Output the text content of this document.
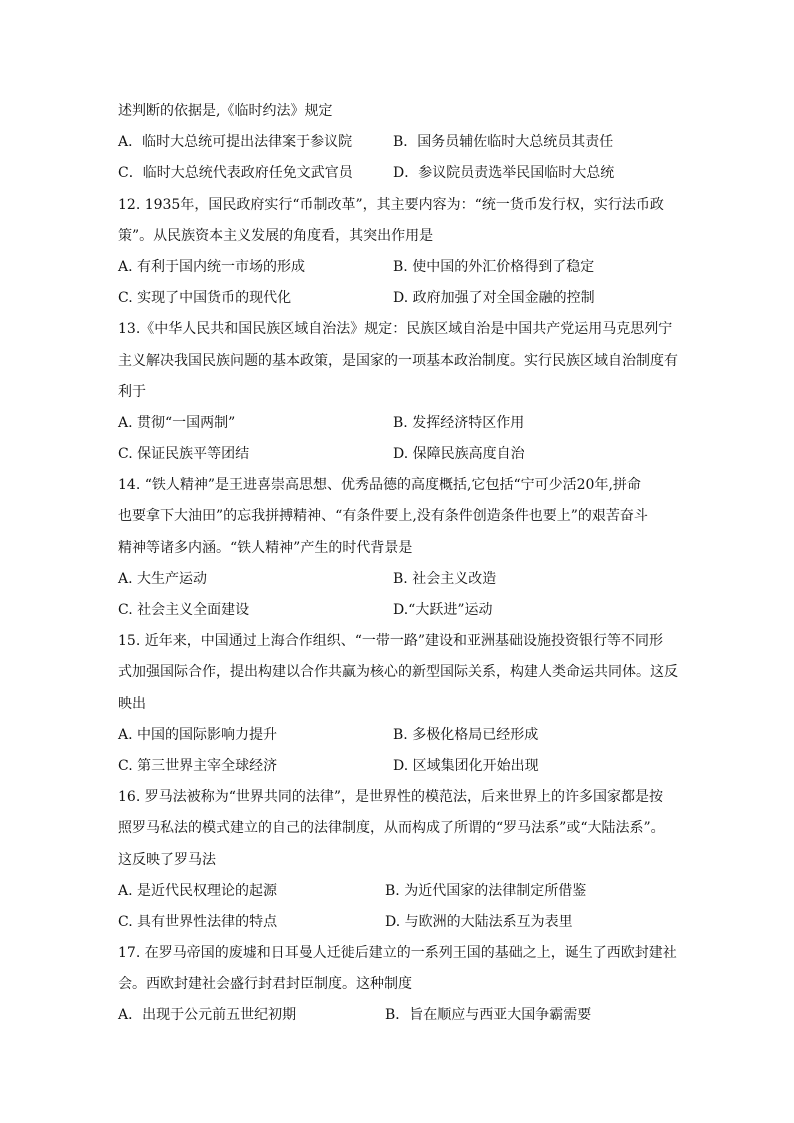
述判断的依据是,《临时约法》规定
A．临时大总统可提出法律案于参议院	B．国务员辅佐临时大总统员其责任
C．临时大总统代表政府任免文武官员	D．参议院员责选举民国临时大总统
12. 1935年，国民政府实行“币制改革”，其主要内容为：“统一货币发行权，实行法币政
策”。从民族资本主义发展的角度看，其突出作用是
A. 有利于国内统一市场的形成	B. 使中国的外汇价格得到了稳定
C. 实现了中国货币的现代化	D. 政府加强了对全国金融的控制
13.《中华人民共和国民族区域自治法》规定：民族区域自治是中国共产党运用马克思列宁
主义解决我国民族问题的基本政策，是国家的一项基本政治制度。实行民族区域自治制度有
利于
A. 贯彻“一国两制”	B. 发挥经济特区作用
C. 保证民族平等团结	D. 保障民族高度自治
14. “铁人精神”是王进喜崇高思想、优秀品德的高度概括,它包括“宁可少活20年,拼命
也要拿下大油田”的忘我拼搏精神、“有条件要上,没有条件创造条件也要上”的艰苦奋斗
精神等诸多内涵。“铁人精神”产生的时代背景是
A. 大生产运动	B. 社会主义改造
C. 社会主义全面建设	D.“大跃进”运动
15. 近年来，中国通过上海合作组织、“一带一路”建设和亚洲基础设施投资银行等不同形
式加强国际合作，提出构建以合作共赢为核心的新型国际关系，构建人类命运共同体。这反
映出
A. 中国的国际影响力提升	B. 多极化格局已经形成
C. 第三世界主宰全球经济	D. 区域集团化开始出现
16. 罗马法被称为“世界共同的法律”，是世界性的模范法，后来世界上的许多国家都是按
照罗马私法的模式建立的自己的法律制度，从而构成了所谓的“罗马法系”或“大陆法系”。
这反映了罗马法
A. 是近代民权理论的起源	B. 为近代国家的法律制定所借鉴
C. 具有世界性法律的特点	D. 与欧洲的大陆法系互为表里
17. 在罗马帝国的废墟和日耳曼人迁徙后建立的一系列王国的基础之上，诞生了西欧封建社
会。西欧封建社会盛行封君封臣制度。这种制度
A．出现于公元前五世纪初期	B．旨在顺应与西亚大国争霸需要
